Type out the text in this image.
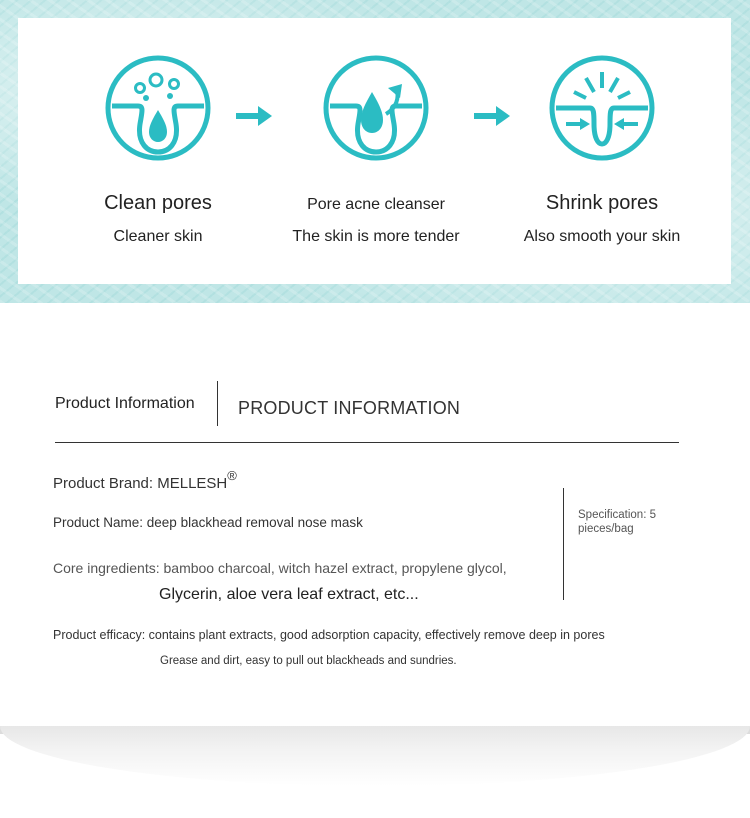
Clean pores
Cleaner skin
Pore acne cleanser
The skin is more tender
Shrink pores
Also smooth your skin
Product Information PRODUCT INFORMATION
Product Brand: MELLESH®
Product Name: deep blackhead removal nose mask
Core ingredients: bamboo charcoal, witch hazel extract, propylene glycol,
Glycerin, aloe vera leaf extract, etc...
Product efficacy: contains plant extracts, good adsorption capacity, effectively remove deep in pores
Grease and dirt, easy to pull out blackheads and sundries.
Specification: 5 pieces/bag
